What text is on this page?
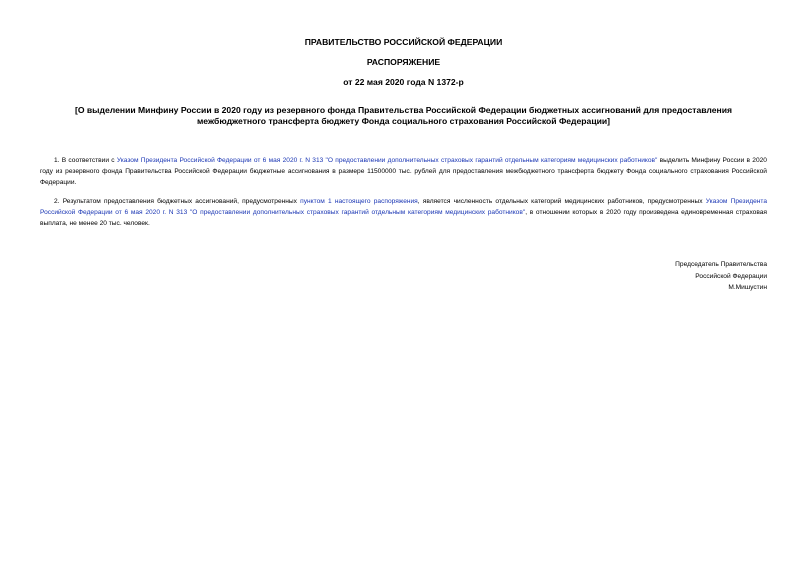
ПРАВИТЕЛЬСТВО РОССИЙСКОЙ ФЕДЕРАЦИИ
РАСПОРЯЖЕНИЕ
от 22 мая 2020 года N 1372-р
[О выделении Минфину России в 2020 году из резервного фонда Правительства Российской Федерации бюджетных ассигнований для предоставления
межбюджетного трансферта бюджету Фонда социального страхования Российской Федерации]
1. В соответствии с Указом Президента Российской Федерации от 6 мая 2020 г. N 313 "О предоставлении дополнительных страховых гарантий отдельным категориям медицинских работников" выделить Минфину России в 2020 году из резервного фонда Правительства Российской Федерации бюджетные ассигнования в размере 11500000 тыс. рублей для предоставления межбюджетного трансферта бюджету Фонда социального страхования Российской Федерации.
2. Результатом предоставления бюджетных ассигнований, предусмотренных пунктом 1 настоящего распоряжения, является численность отдельных категорий медицинских работников, предусмотренных Указом Президента Российской Федерации от 6 мая 2020 г. N 313 "О предоставлении дополнительных страховых гарантий отдельным категориям медицинских работников", в отношении которых в 2020 году произведена единовременная страховая выплата, не менее 20 тыс. человек.
Председатель Правительства
Российской Федерации
М.Мишустин
